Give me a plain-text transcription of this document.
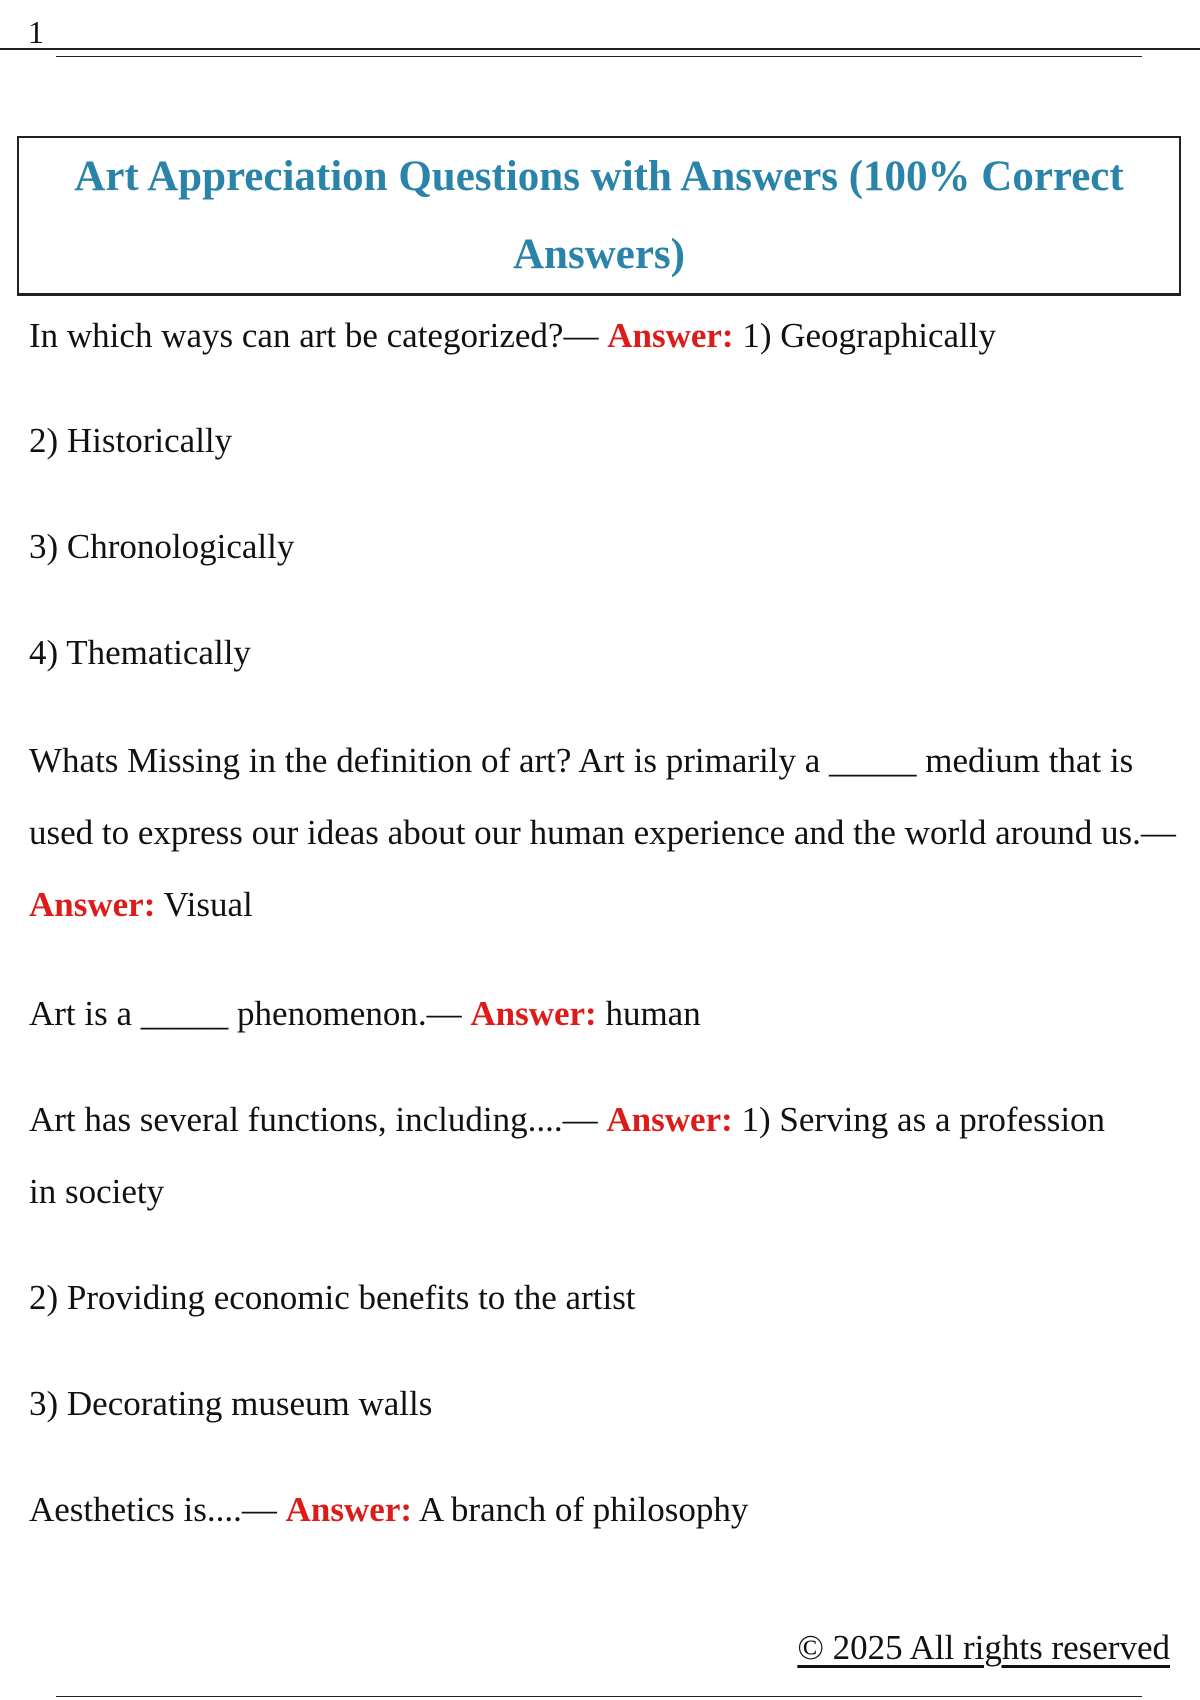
1
Art Appreciation Questions with Answers (100% Correct Answers)

In which ways can art be categorized?— Answer: 1) Geographically

2) Historically

3) Chronologically

4) Thematically

Whats Missing in the definition of art? Art is primarily a _____ medium that is used to express our ideas about our human experience and the world around us.— Answer: Visual

Art is a _____ phenomenon.— Answer: human

Art has several functions, including....— Answer: 1) Serving as a profession in society

2) Providing economic benefits to the artist

3) Decorating museum walls

Aesthetics is....— Answer: A branch of philosophy

© 2025 All rights reserved
